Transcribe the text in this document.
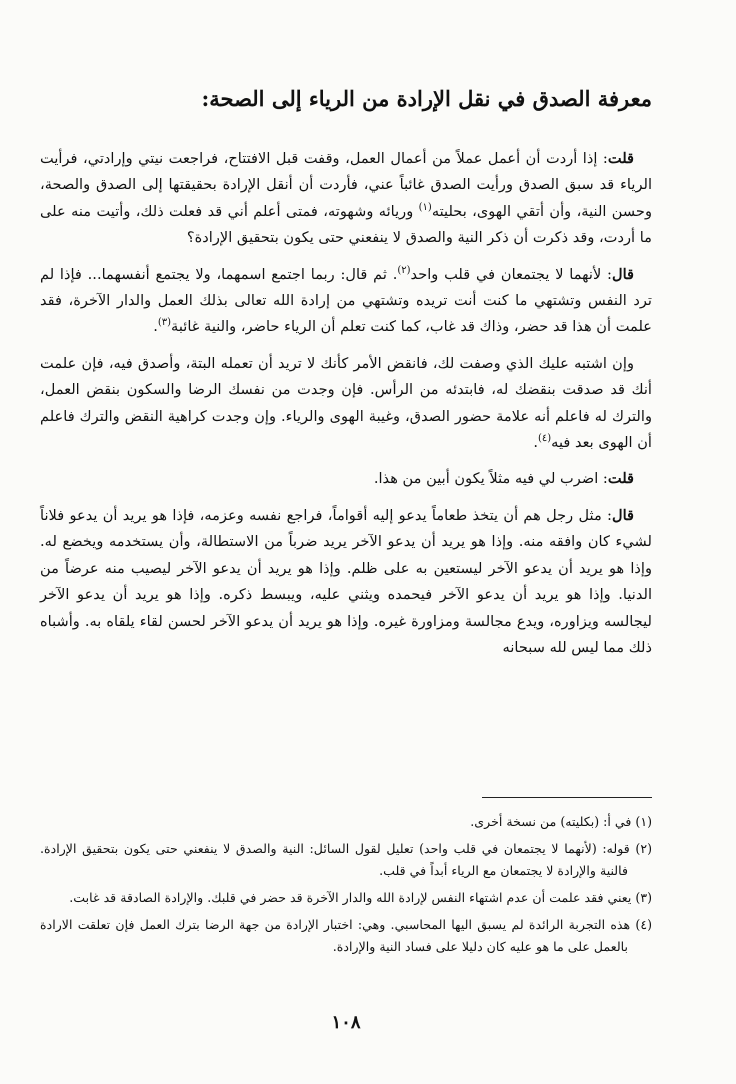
معرفة الصدق في نقل الإرادة من الرياء إلى الصحة:

قلت: إذا أردت أن أعمل عملاً من أعمال العمل، وقفت قبل الافتتاح، فراجعت نيتي وإرادتي، فرأيت الرياء قد سبق الصدق ورأيت الصدق غائباً عني، فأردت أن أنقل الإرادة بحقيقتها إلى الصدق والصحة، وحسن النية، وأن أتقي الهوى، بحليته$^{(١)}$ وريائه وشهوته، فمتى أعلم أني قد فعلت ذلك، وأتيت منه على ما أردت، وقد ذكرت أن ذكر النية والصدق لا ينفعني حتى يكون بتحقيق الإرادة؟

قال: لأنهما لا يجتمعان في قلب واحد$^{(٢)}$. ثم قال: ربما اجتمع اسمهما، ولا يجتمع أنفسهما... فإذا لم ترد النفس وتشتهي ما كنت أنت تريده وتشتهي من إرادة الله تعالى بذلك العمل والدار الآخرة، فقد علمت أن هذا قد حضر، وذاك قد غاب، كما كنت تعلم أن الرياء حاضر، والنية غائبة$^{(٣)}$.

وإن اشتبه عليك الذي وصفت لك، فانقض الأمر كأنك لا تريد أن تعمله البتة، وأصدق فيه، فإن علمت أنك قد صدقت بنقضك له، فابتدئه من الرأس. فإن وجدت من نفسك الرضا والسكون بنقض العمل، والترك له فاعلم أنه علامة حضور الصدق، وغيبة الهوى والرياء. وإن وجدت كراهية النقض والترك فاعلم أن الهوى بعد فيه$^{(٤)}$.

قلت: اضرب لي فيه مثلاً يكون أبين من هذا.

قال: مثل رجل هم أن يتخذ طعاماً يدعو إليه أقواماً، فراجع نفسه وعزمه، فإذا هو يريد أن يدعو فلاناً لشيء كان وافقه منه. وإذا هو يريد أن يدعو الآخر يريد ضرباً من الاستطالة، وأن يستخدمه ويخضع له. وإذا هو يريد أن يدعو الآخر ليستعين به على ظلم. وإذا هو يريد أن يدعو الآخر ليصيب منه عرضاً من الدنيا. وإذا هو يريد أن يدعو الآخر فيحمده ويثني عليه، ويبسط ذكره. وإذا هو يريد أن يدعو الآخر ليجالسه ويزاوره، ويدع مجالسة ومزاورة غيره. وإذا هو يريد أن يدعو الآخر لحسن لقاء يلقاه به. وأشباه ذلك مما ليس لله سبحانه

(١) في أ: (بكليته) من نسخة أخرى.

(٢) قوله: (لأنهما لا يجتمعان في قلب واحد) تعليل لقول السائل: النية والصدق لا ينفعني حتى يكون بتحقيق الإرادة. فالنية والإرادة لا يجتمعان مع الرياء أبداً في قلب.

(٣) يعني فقد علمت أن عدم اشتهاء النفس لإرادة الله والدار الآخرة قد حضر في قلبك. والإرادة الصادقة قد غابت.

(٤) هذه التجربة الرائدة لم يسبق اليها المحاسبي. وهي: اختبار الإرادة من جهة الرضا بترك العمل فإن تعلقت الارادة بالعمل على ما هو عليه كان دليلا على فساد النية والإرادة.

١٠٨
